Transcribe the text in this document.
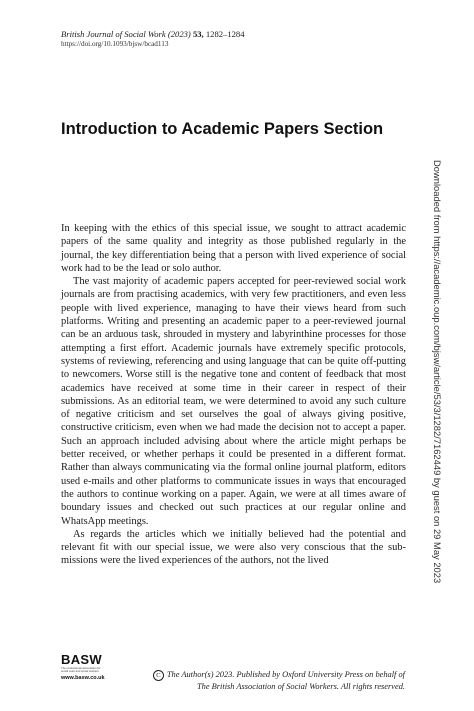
British Journal of Social Work (2023) 53, 1282–1284
https://doi.org/10.1093/bjsw/bcad113
Introduction to Academic Papers Section

In keeping with the ethics of this special issue, we sought to attract academic papers of the same quality and integrity as those published regularly in the journal, the key differentiation being that a person with lived experience of social work had to be the lead or solo author.

The vast majority of academic papers accepted for peer-reviewed social work journals are from practising academics, with very few practitioners, and even less people with lived experience, managing to have their views heard from such platforms. Writing and presenting an academic paper to a peer-reviewed journal can be an arduous task, shrouded in mystery and labyrinthine processes for those attempting a first effort. Academic journals have extremely specific protocols, systems of reviewing, referencing and using language that can be quite off-putting to newcomers. Worse still is the negative tone and content of feedback that most academics have received at some time in their career in respect of their submissions. As an editorial team, we were determined to avoid any such culture of negative criticism and set ourselves the goal of always giving positive, constructive criticism, even when we had made the decision not to accept a paper. Such an approach included advising about where the article might perhaps be better received, or whether perhaps it could be presented in a different format. Rather than always communicating via the formal online journal platform, editors used e-mails and other platforms to communicate issues in ways that encouraged the authors to continue working on a paper. Again, we were at all times aware of boundary issues and checked out such practices at our regular online and WhatsApp meetings.

As regards the articles which we initially believed had the potential and relevant fit with our special issue, we were also very conscious that the submissions were the lived experiences of the authors, not the lived	Downloaded from https://academic.oup.com/bjsw/article/53/3/1282/7162449 by guest on 29 May 2023
BASW
The professional association for social work and social workers
www.basw.co.uk	C The Author(s) 2023. Published by Oxford University Press on behalf of
The British Association of Social Workers. All rights reserved.
